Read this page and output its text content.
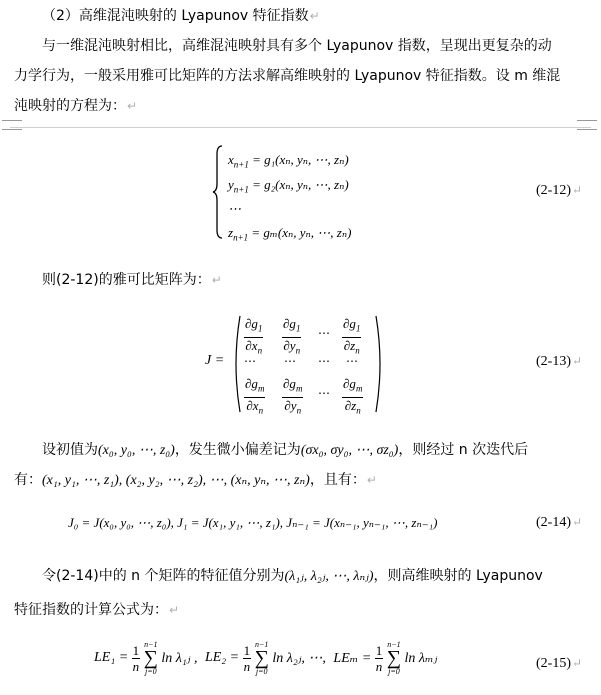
（2）高维混沌映射的 Lyapunov 特征指数↵
与一维混沌映射相比，高维混沌映射具有多个 Lyapunov 指数，呈现出更复杂的动
力学行为，一般采用雅可比矩阵的方法求解高维映射的 Lyapunov 特征指数。设 m 维混
沌映射的方程为：↵
$x_{n+1} = g_1(x_n$, yₙ, ⋯, zₙ)
$y_{n+1} = g_2(x_n$, yₙ, ⋯, zₙ)
⋯
$z_{n+1} = g_m(x_n$, yₙ, ⋯, zₙ)
(2-12)↵
则(2-12)的雅可比矩阵为：↵
J =
$\frac{\partial g_1}{\partial x_n} \frac{\partial g_1}{\partial y_n}$ ⋯ $\frac{\partial g_1}{\partial z_n}$
⋯ ⋯ ⋯ ⋯
$\frac{\partial g_m}{\partial x_n} \frac{\partial g_m}{\partial y_n}$ ⋯ $\frac{\partial g_m}{\partial z_n}$
(2-13)↵
设初值为(x₀, y₀, ⋯, z₀)，发生微小偏差记为(σx₀, σy₀, ⋯, σz₀)，则经过 n 次迭代后
有：(x₁, y₁, ⋯, z₁), (x₂, y₂, ⋯, z₂), ⋯, (xₙ, yₙ, ⋯, zₙ)，且有：↵
J₀ = J(x₀, y₀, ⋯, z₀), J₁ = J(x₁, y₁, ⋯, z₁), Jₙ₋₁ = J(xₙ₋₁, yₙ₋₁, ⋯, zₙ₋₁)	(2-14)↵
令(2-14)中的 n 个矩阵的特征值分别为(λ₁ⱼ, λ₂ⱼ, ⋯, λₙⱼ)，则高维映射的 Lyapunov
特征指数的计算公式为：↵
$LE_1 = \frac{1}{n}$
n−1
∑
j=0
ln λ₁ⱼ , $LE_2 = \frac{1}{n}$
n−1
∑
j=0
ln λ₂ⱼ, ⋯, $LE_m = \frac{1}{n}$
n−1
∑
j=0
ln λₘⱼ	(2-15)↵
